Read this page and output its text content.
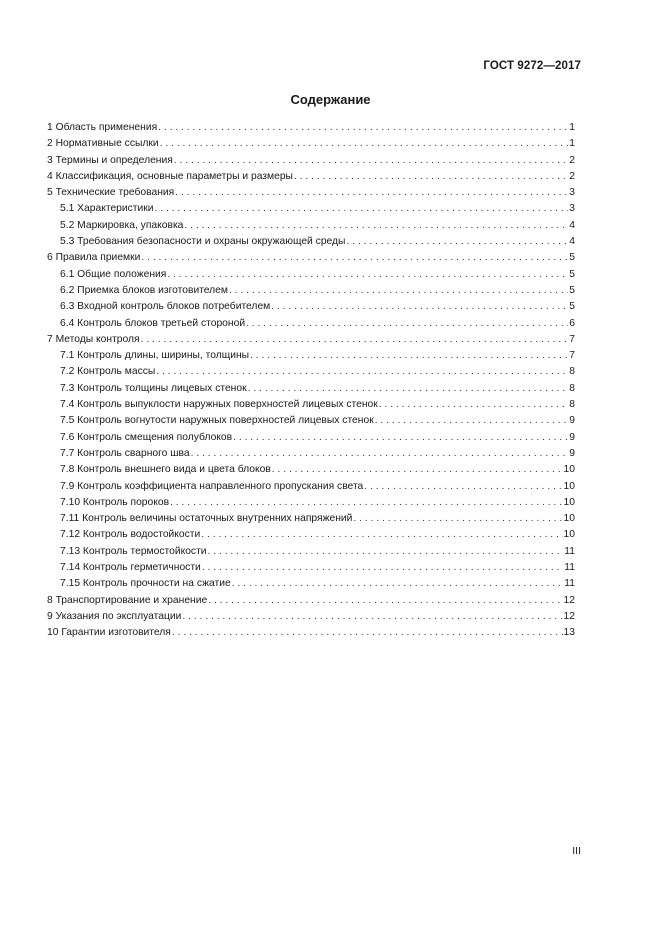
ГОСТ 9272—2017
Содержание
1 Область применения . . .	1
2 Нормативные ссылки . . .	1
3 Термины и определения . . .	2
4 Классификация, основные параметры и размеры . . .	2
5 Технические требования . . .	3
5.1 Характеристики . . .	3
5.2 Маркировка, упаковка . . .	4
5.3 Требования безопасности и охраны окружающей среды . . .	4
6 Правила приемки . . .	5
6.1 Общие положения . . .	5
6.2 Приемка блоков изготовителем . . .	5
6.3 Входной контроль блоков потребителем . . .	5
6.4 Контроль блоков третьей стороной . . .	6
7 Методы контроля . . .	7
7.1 Контроль длины, ширины, толщины . . .	7
7.2 Контроль массы . . .	8
7.3 Контроль толщины лицевых стенок . . .	8
7.4 Контроль выпуклости наружных поверхностей лицевых стенок . . .	8
7.5 Контроль вогнутости наружных поверхностей лицевых стенок . . .	9
7.6 Контроль смещения полублоков . . .	9
7.7 Контроль сварного шва . . .	9
7.8 Контроль внешнего вида и цвета блоков . . .	10
7.9 Контроль коэффициента направленного пропускания света . . .	10
7.10 Контроль пороков . . .	10
7.11 Контроль величины остаточных внутренних напряжений . . .	10
7.12 Контроль водостойкости . . .	10
7.13 Контроль термостойкости . . .	11
7.14 Контроль герметичности . . .	11
7.15 Контроль прочности на сжатие . . .	11
8 Транспортирование и хранение . . .	12
9 Указания по эксплуатации . . .	12
10 Гарантии изготовителя . . .	13
III
